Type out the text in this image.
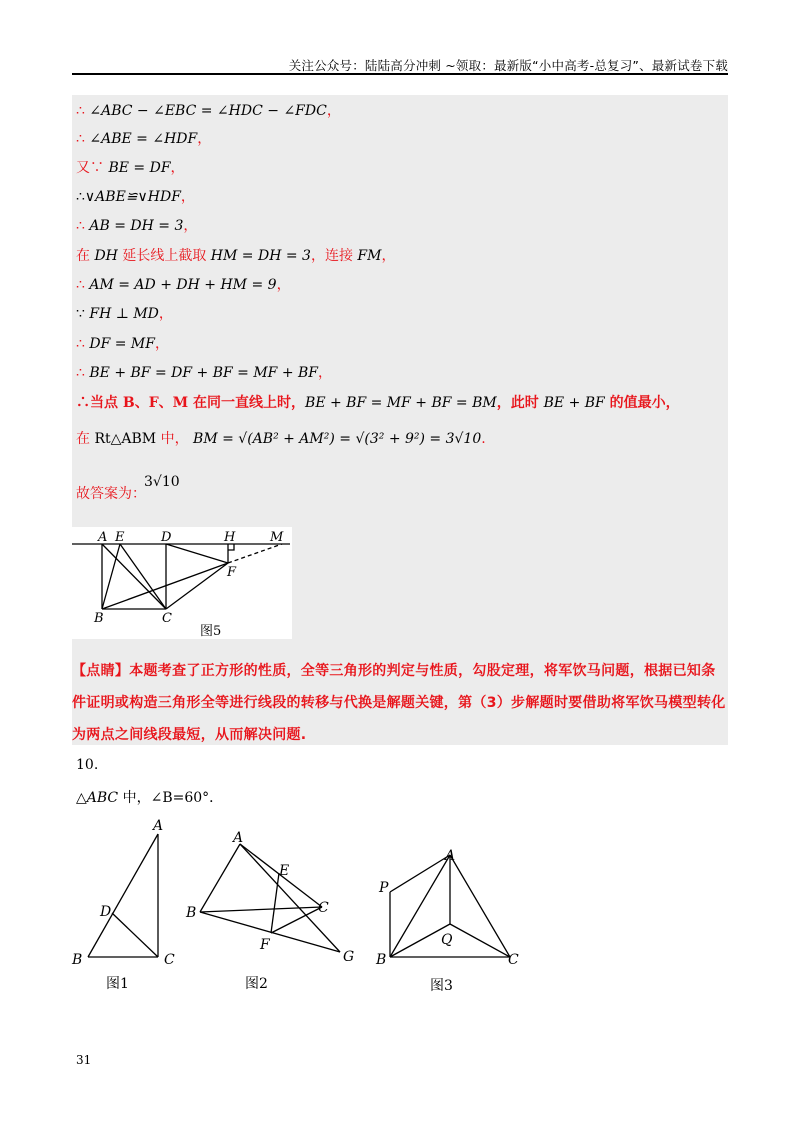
关注公众号：陆陆高分冲刺 ~领取：最新版“小中高考-总复习”、最新试卷下载
∴ ∠ABC − ∠EBC = ∠HDC − ∠FDC，
∴ ∠ABE = ∠HDF，
又∵ BE = DF，
∴∨ABE≌∨HDF，
∴ AB = DH = 3，
在 DH 延长线上截取 HM = DH = 3，连接 FM，
∴ AM = AD + DH + HM = 9，
∵ FH ⊥ MD，
∴ DF = MF，
∴ BE + BF = DF + BF = MF + BF，
∴当点 B、F、M 在同一直线上时，BE + BF = MF + BF = BM，此时 BE + BF 的值最小，
在 Rt△ABM 中， BM = √(AB² + AM²) = √(3² + 9²) = 3√10.
故答案为：
3√10
A E	D	H	M
F
B	C
图5
【点睛】本题考查了正方形的性质，全等三角形的判定与性质，勾股定理，将军饮马问题，根据已知条件证明或构造三角形全等进行线段的转移与代换是解题关键，第（3）步解题时要借助将军饮马模型转化为两点之间线段最短，从而解决问题.
10.
△ABC 中，∠B=60°．
A
D
B	C
图1
A
E
B	C
F
G
图2
A
P
Q
B	C
图3
31
